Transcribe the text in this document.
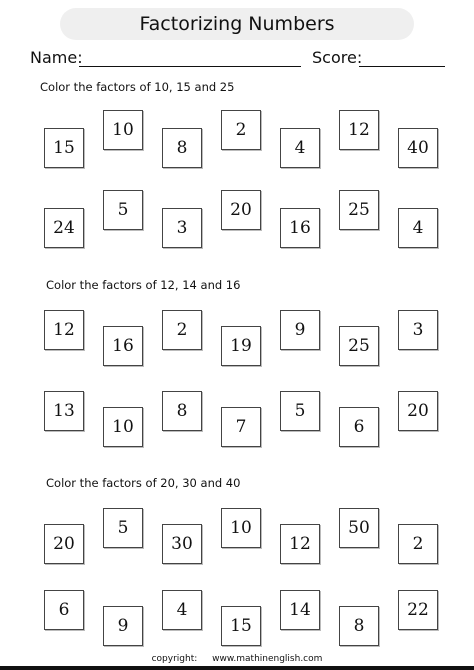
Factorizing Numbers
Name:	Score:
Color the factors of 10, 15 and 25
Color the factors of 12, 14 and 16
Color the factors of 20, 30 and 40
15
10
8
2
4
12
40
24
5
3
20
16
25
4
12
16
2
19
9
25
3
13
10
8
7
5
6
20
20
5
30
10
12
50
2
6
9
4
15
14
8
22
copyright: www.mathinenglish.com
